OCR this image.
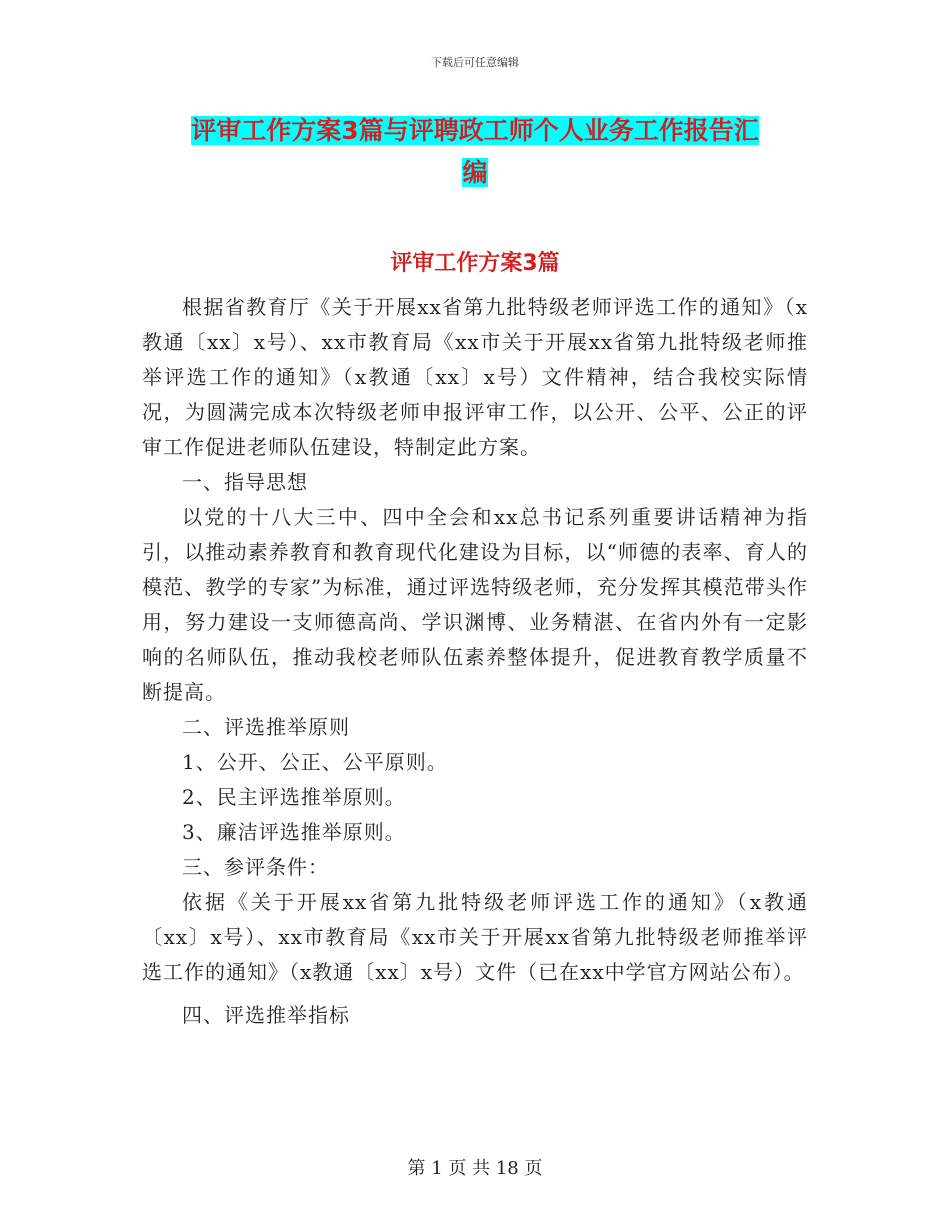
下载后可任意编辑
评审工作方案3篇与评聘政工师个人业务工作报告汇
编
评审工作方案3篇

根据省教育厅《关于开展xx省第九批特级老师评选工作的通知》（x教通〔xx〕x号）、xx市教育局《xx市关于开展xx省第九批特级老师推举评选工作的通知》（x教通〔xx〕x号）文件精神，结合我校实际情况，为圆满完成本次特级老师申报评审工作，以公开、公平、公正的评审工作促进老师队伍建设，特制定此方案。

一、指导思想

以党的十八大三中、四中全会和xx总书记系列重要讲话精神为指引，以推动素养教育和教育现代化建设为目标，以“师德的表率、育人的模范、教学的专家”为标准，通过评选特级老师，充分发挥其模范带头作用，努力建设一支师德高尚、学识渊博、业务精湛、在省内外有一定影响的名师队伍，推动我校老师队伍素养整体提升，促进教育教学质量不断提高。

二、评选推举原则

1、公开、公正、公平原则。

2、民主评选推举原则。

3、廉洁评选推举原则。

三、参评条件：

依据《关于开展xx省第九批特级老师评选工作的通知》（x教通〔xx〕x号）、xx市教育局《xx市关于开展xx省第九批特级老师推举评选工作的通知》（x教通〔xx〕x号）文件（已在xx中学官方网站公布）。

四、评选推举指标

第 1 页 共 18 页
